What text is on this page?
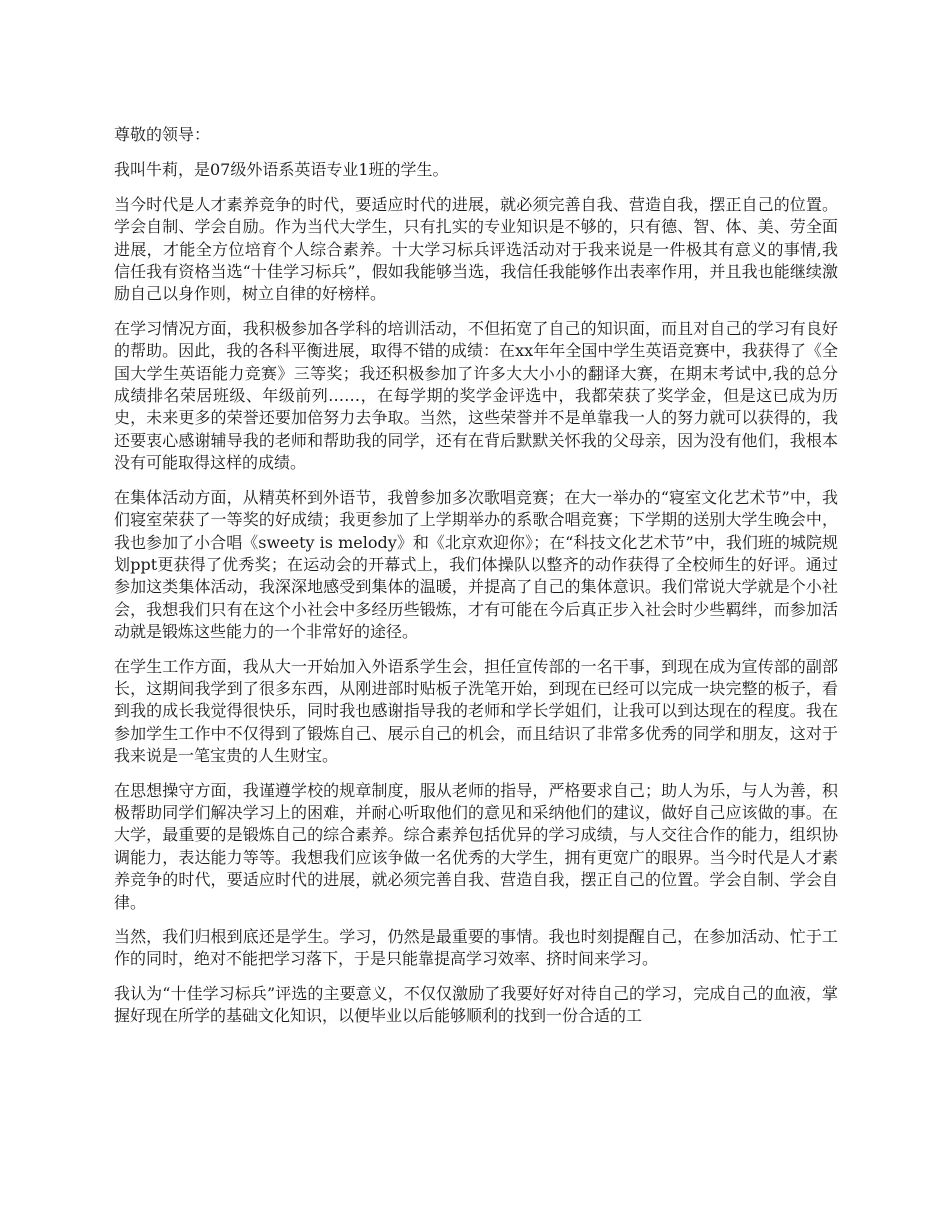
尊敬的领导：

我叫牛莉，是07级外语系英语专业1班的学生。

当今时代是人才素养竞争的时代，要适应时代的进展，就必须完善自我、营造自我，摆正自己的位置。学会自制、学会自励。作为当代大学生，只有扎实的专业知识是不够的，只有德、智、体、美、劳全面进展，才能全方位培育个人综合素养。十大学习标兵评选活动对于我来说是一件极其有意义的事情,我信任我有资格当选“十佳学习标兵”，假如我能够当选，我信任我能够作出表率作用，并且我也能继续激励自己以身作则，树立自律的好榜样。

在学习情况方面，我积极参加各学科的培训活动，不但拓宽了自己的知识面，而且对自己的学习有良好的帮助。因此，我的各科平衡进展，取得不错的成绩：在xx年年全国中学生英语竞赛中，我获得了《全国大学生英语能力竞赛》三等奖；我还积极参加了许多大大小小的翻译大赛，在期末考试中,我的总分成绩排名荣居班级、年级前列……，在每学期的奖学金评选中，我都荣获了奖学金，但是这已成为历史，未来更多的荣誉还要加倍努力去争取。当然，这些荣誉并不是单靠我一人的努力就可以获得的，我还要衷心感谢辅导我的老师和帮助我的同学，还有在背后默默关怀我的父母亲，因为没有他们，我根本没有可能取得这样的成绩。

在集体活动方面，从精英杯到外语节，我曾参加多次歌唱竞赛；在大一举办的“寝室文化艺术节”中，我们寝室荣获了一等奖的好成绩；我更参加了上学期举办的系歌合唱竞赛；下学期的送别大学生晚会中，我也参加了小合唱《sweety is melody》和《北京欢迎你》；在“科技文化艺术节”中，我们班的城院规划ppt更获得了优秀奖；在运动会的开幕式上，我们体操队以整齐的动作获得了全校师生的好评。通过参加这类集体活动，我深深地感受到集体的温暖，并提高了自己的集体意识。我们常说大学就是个小社会，我想我们只有在这个小社会中多经历些锻炼，才有可能在今后真正步入社会时少些羁绊，而参加活动就是锻炼这些能力的一个非常好的途径。

在学生工作方面，我从大一开始加入外语系学生会，担任宣传部的一名干事，到现在成为宣传部的副部长，这期间我学到了很多东西，从刚进部时贴板子洗笔开始，到现在已经可以完成一块完整的板子，看到我的成长我觉得很快乐，同时我也感谢指导我的老师和学长学姐们，让我可以到达现在的程度。我在参加学生工作中不仅得到了锻炼自己、展示自己的机会，而且结识了非常多优秀的同学和朋友，这对于我来说是一笔宝贵的人生财宝。

在思想操守方面，我谨遵学校的规章制度，服从老师的指导，严格要求自己；助人为乐，与人为善，积极帮助同学们解决学习上的困难，并耐心听取他们的意见和采纳他们的建议，做好自己应该做的事。在大学，最重要的是锻炼自己的综合素养。综合素养包括优异的学习成绩，与人交往合作的能力，组织协调能力，表达能力等等。我想我们应该争做一名优秀的大学生，拥有更宽广的眼界。当今时代是人才素养竞争的时代，要适应时代的进展，就必须完善自我、营造自我，摆正自己的位置。学会自制、学会自律。

当然，我们归根到底还是学生。学习，仍然是最重要的事情。我也时刻提醒自己，在参加活动、忙于工作的同时，绝对不能把学习落下，于是只能靠提高学习效率、挤时间来学习。

我认为“十佳学习标兵”评选的主要意义，不仅仅激励了我要好好对待自己的学习，完成自己的血液，掌握好现在所学的基础文化知识，以便毕业以后能够顺利的找到一份合适的工
